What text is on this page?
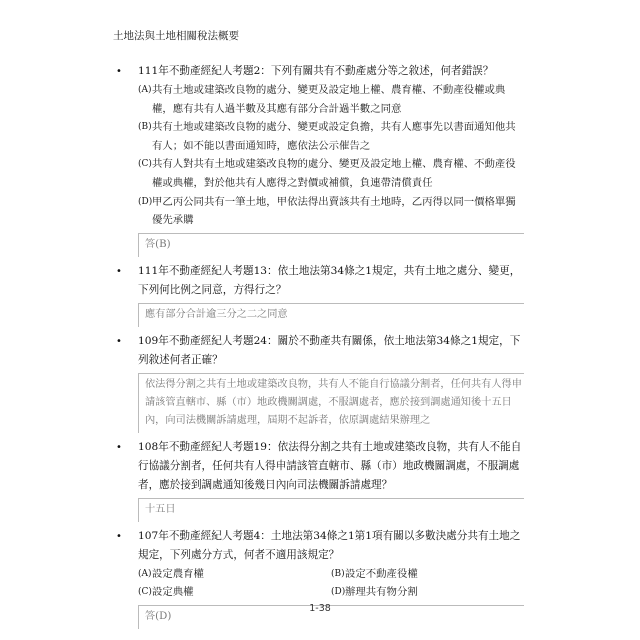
土地法與土地相關稅法概要
• 111年不動產經紀人考題2：下列有關共有不動產處分等之敘述，何者錯誤？
(A) 共有土地或建築改良物的處分、變更及設定地上權、農育權、不動產役權或典權，應有共有人過半數及其應有部分合計過半數之同意
(B) 共有土地或建築改良物的處分、變更或設定負擔，共有人應事先以書面通知他共有人；如不能以書面通知時，應依法公示催告之
(C) 共有人對共有土地或建築改良物的處分、變更及設定地上權、農育權、不動產役權或典權，對於他共有人應得之對價或補償，負連帶清償責任
(D) 甲乙丙公同共有一筆土地，甲依法得出賣該共有土地時，乙丙得以同一價格單獨優先承購
答(B)
• 111年不動產經紀人考題13：依土地法第34條之1規定，共有土地之處分、變更，下列何比例之同意，方得行之？
應有部分合計逾三分之二之同意
• 109年不動產經紀人考題24：關於不動產共有關係，依土地法第34條之1規定，下列敘述何者正確？
依法得分割之共有土地或建築改良物，共有人不能自行協議分割者，任何共有人得申請該管直轄市、縣（市）地政機關調處，不服調處者，應於接到調處通知後十五日內，向司法機關訴請處理，屆期不起訴者，依原調處結果辦理之
• 108年不動產經紀人考題19：依法得分割之共有土地或建築改良物，共有人不能自行協議分割者，任何共有人得申請該管直轄市、縣（市）地政機關調處，不服調處者，應於接到調處通知後幾日內向司法機關訴請處理？
十五日
• 107年不動產經紀人考題4：土地法第34條之1第1項有關以多數決處分共有土地之規定，下列處分方式，何者不適用該規定？
(A) 設定農育權	(B) 設定不動產役權
(C) 設定典權	(D) 辦理共有物分割
答(D)
1-38
